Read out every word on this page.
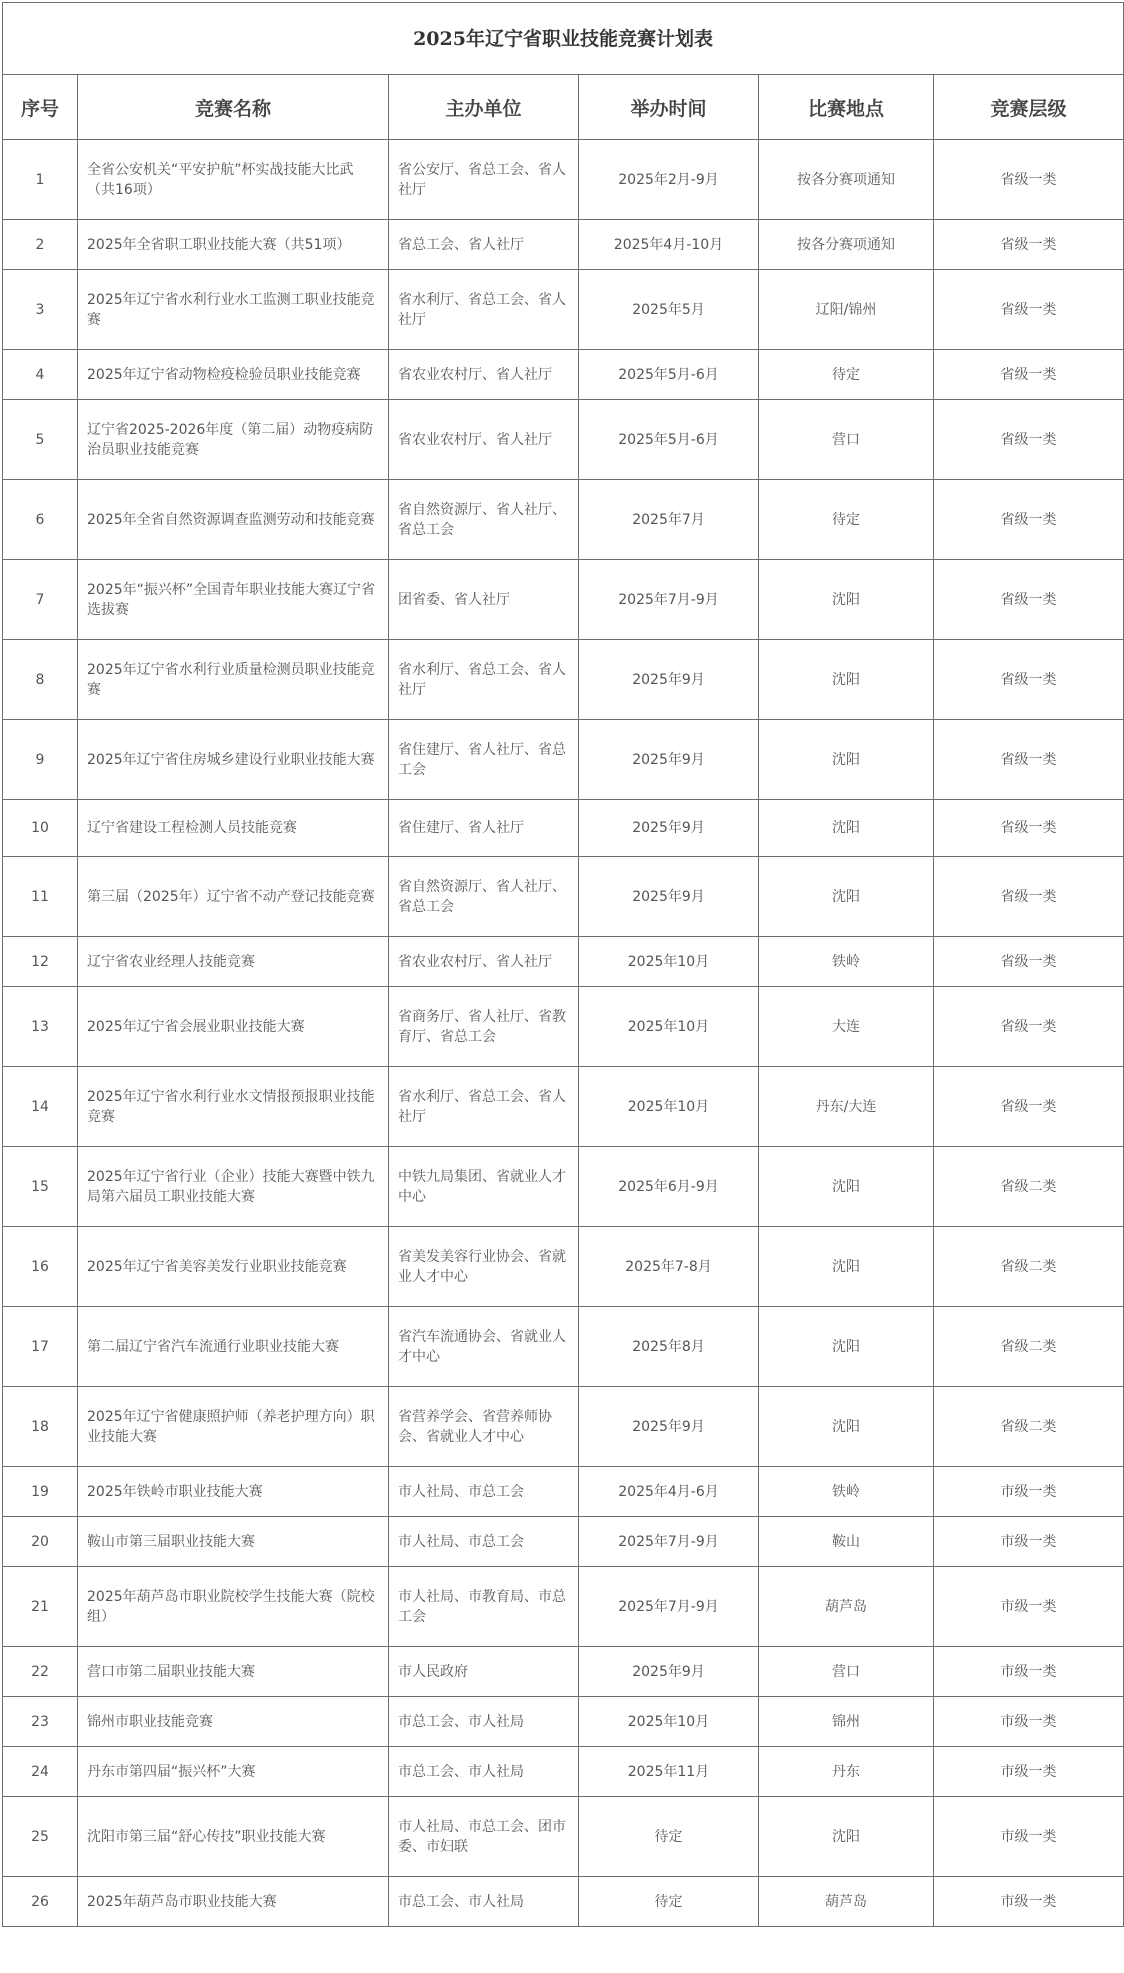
2025年辽宁省职业技能竞赛计划表					
序号	竞赛名称	主办单位	举办时间	比赛地点	竞赛层级
1	全省公安机关“平安护航”杯实战技能大比武（共16项）	省公安厅、省总工会、省人社厅	2025年2月-9月	按各分赛项通知	省级一类
2	2025年全省职工职业技能大赛（共51项）	省总工会、省人社厅	2025年4月-10月	按各分赛项通知	省级一类
3	2025年辽宁省水利行业水工监测工职业技能竞赛	省水利厅、省总工会、省人社厅	2025年5月	辽阳/锦州	省级一类
4	2025年辽宁省动物检疫检验员职业技能竞赛	省农业农村厅、省人社厅	2025年5月-6月	待定	省级一类
5	辽宁省2025-2026年度（第二届）动物疫病防治员职业技能竞赛	省农业农村厅、省人社厅	2025年5月-6月	营口	省级一类
6	2025年全省自然资源调查监测劳动和技能竞赛	省自然资源厅、省人社厅、省总工会	2025年7月	待定	省级一类
7	2025年“振兴杯”全国青年职业技能大赛辽宁省选拔赛	团省委、省人社厅	2025年7月-9月	沈阳	省级一类
8	2025年辽宁省水利行业质量检测员职业技能竞赛	省水利厅、省总工会、省人社厅	2025年9月	沈阳	省级一类
9	2025年辽宁省住房城乡建设行业职业技能大赛	省住建厅、省人社厅、省总工会	2025年9月	沈阳	省级一类
10	辽宁省建设工程检测人员技能竞赛	省住建厅、省人社厅	2025年9月	沈阳	省级一类
11	第三届（2025年）辽宁省不动产登记技能竞赛	省自然资源厅、省人社厅、省总工会	2025年9月	沈阳	省级一类
12	辽宁省农业经理人技能竞赛	省农业农村厅、省人社厅	2025年10月	铁岭	省级一类
13	2025年辽宁省会展业职业技能大赛	省商务厅、省人社厅、省教育厅、省总工会	2025年10月	大连	省级一类
14	2025年辽宁省水利行业水文情报预报职业技能竞赛	省水利厅、省总工会、省人社厅	2025年10月	丹东/大连	省级一类
15	2025年辽宁省行业（企业）技能大赛暨中铁九局第六届员工职业技能大赛	中铁九局集团、省就业人才中心	2025年6月-9月	沈阳	省级二类
16	2025年辽宁省美容美发行业职业技能竞赛	省美发美容行业协会、省就业人才中心	2025年7-8月	沈阳	省级二类
17	第二届辽宁省汽车流通行业职业技能大赛	省汽车流通协会、省就业人才中心	2025年8月	沈阳	省级二类
18	2025年辽宁省健康照护师（养老护理方向）职业技能大赛	省营养学会、省营养师协会、省就业人才中心	2025年9月	沈阳	省级二类
19	2025年铁岭市职业技能大赛	市人社局、市总工会	2025年4月-6月	铁岭	市级一类
20	鞍山市第三届职业技能大赛	市人社局、市总工会	2025年7月-9月	鞍山	市级一类
21	2025年葫芦岛市职业院校学生技能大赛（院校组）	市人社局、市教育局、市总工会	2025年7月-9月	葫芦岛	市级一类
22	营口市第二届职业技能大赛	市人民政府	2025年9月	营口	市级一类
23	锦州市职业技能竞赛	市总工会、市人社局	2025年10月	锦州	市级一类
24	丹东市第四届“振兴杯”大赛	市总工会、市人社局	2025年11月	丹东	市级一类
25	沈阳市第三届“舒心传技”职业技能大赛	市人社局、市总工会、团市委、市妇联	待定	沈阳	市级一类
26	2025年葫芦岛市职业技能大赛	市总工会、市人社局	待定	葫芦岛	市级一类
